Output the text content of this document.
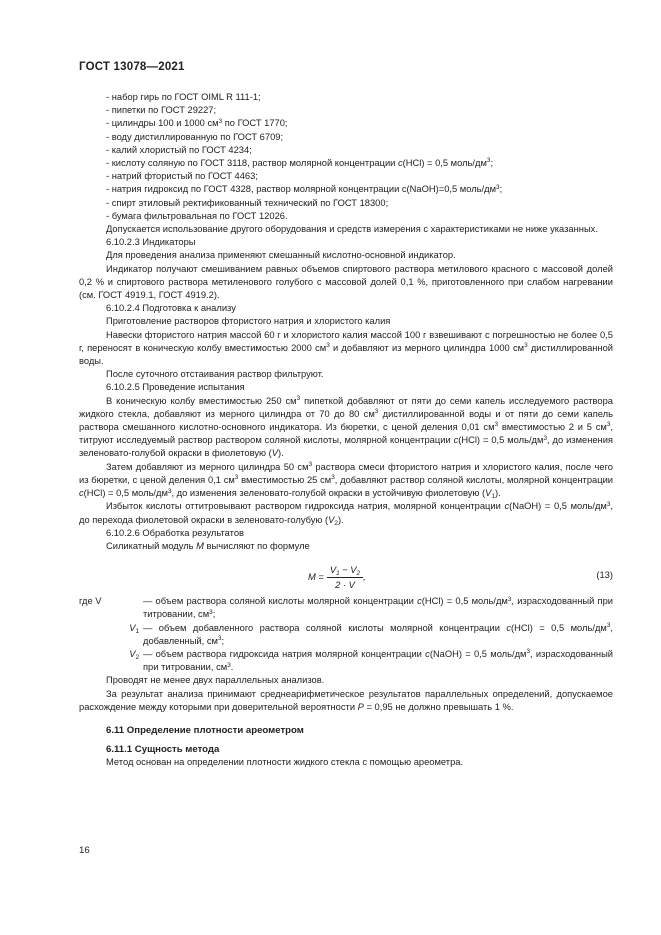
ГОСТ 13078—2021

- набор гирь по ГОСТ OIML R 111-1;

- пипетки по ГОСТ 29227;

- цилиндры 100 и 1000 $см^3$ по ГОСТ 1770;

- воду дистиллированную по ГОСТ 6709;

- калий хлористый по ГОСТ 4234;

- кислоту соляную по ГОСТ 3118, раствор молярной концентрации c(HCl) = 0,5 моль/$дм^3$;

- натрий фтористый по ГОСТ 4463;

- натрия гидроксид по ГОСТ 4328, раствор молярной концентрации с(NaOH)=0,5 моль/$дм^3$;

- спирт этиловый ректификованный технический по ГОСТ 18300;

- бумага фильтровальная по ГОСТ 12026.

Допускается использование другого оборудования и средств измерения с характеристиками не ниже указанных.

6.10.2.3 Индикаторы

Для проведения анализа применяют смешанный кислотно-основной индикатор.

Индикатор получают смешиванием равных объемов спиртового раствора метилового красного с массовой долей 0,2 % и спиртового раствора метиленового голубого с массовой долей 0,1 %, приготовленного при слабом нагревании (см. ГОСТ 4919.1, ГОСТ 4919.2).

6.10.2.4 Подготовка к анализу

Приготовление растворов фтористого натрия и хлористого калия

Навески фтористого натрия массой 60 г и хлористого калия массой 100 г взвешивают с погрешностью не более 0,5 г, переносят в коническую колбу вместимостью 2000 $см^3$ и добавляют из мерного цилиндра 1000 $см^3$ дистиллированной воды.

После суточного отстаивания раствор фильтруют.

6.10.2.5 Проведение испытания

В коническую колбу вместимостью 250 $см^3$ пипеткой добавляют от пяти до семи капель исследуемого раствора жидкого стекла, добавляют из мерного цилиндра от 70 до 80 $см^3$ дистиллированной воды и от пяти до семи капель раствора смешанного кислотно-основного индикатора. Из бюретки, с ценой деления 0,01 $см^3$ вместимостью 2 и 5 $см^3$, титруют исследуемый раствор раствором соляной кислоты, молярной концентрации c(HCl) = 0,5 моль/$дм^3$, до изменения зеленовато-голубой окраски в фиолетовую (V).

Затем добавляют из мерного цилиндра 50 $см^3$ раствора смеси фтористого натрия и хлористого калия, после чего из бюретки, с ценой деления 0,1 $см^3$ вместимостью 25 $см^3$, добавляют раствор соляной кислоты, молярной концентрации c(HCl) = 0,5 моль/$дм^3$, до изменения зеленовато-голубой окраски в устойчивую фиолетовую $(V_1)$.

Избыток кислоты оттитровывают раствором гидроксида натрия, молярной концентрации c(NaOH) = 0,5 моль/$дм^3$, до перехода фиолетовой окраски в зеленовато-голубую $(V_2)$.

6.10.2.6 Обработка результатов

Силикатный модуль M вычисляют по формуле

$M = \frac{V_1 - V_2}{2 \cdot V}$ ,	(13)
где V	— объем раствора соляной кислоты молярной концентрации c(HCl) = 0,5 моль/$дм^3$, израсходованный при титровании, $см^3$;
$V_1$ — объем добавленного раствора соляной кислоты молярной концентрации c(HCl) = 0,5 моль/$дм^3$, добавленный, $см^3$;
$V_2$ — объем раствора гидроксида натрия молярной концентрации c(NaOH) = 0,5 моль/$дм^3$, израсходованный при титровании, $см^3$.

Проводят не менее двух параллельных анализов.

За результат анализа принимают среднеарифметическое результатов параллельных определений, допускаемое расхождение между которыми при доверительной вероятности P = 0,95 не должно превышать 1 %.

6.11 Определение плотности ареометром

6.11.1 Сущность метода

Метод основан на определении плотности жидкого стекла с помощью ареометра.

16
